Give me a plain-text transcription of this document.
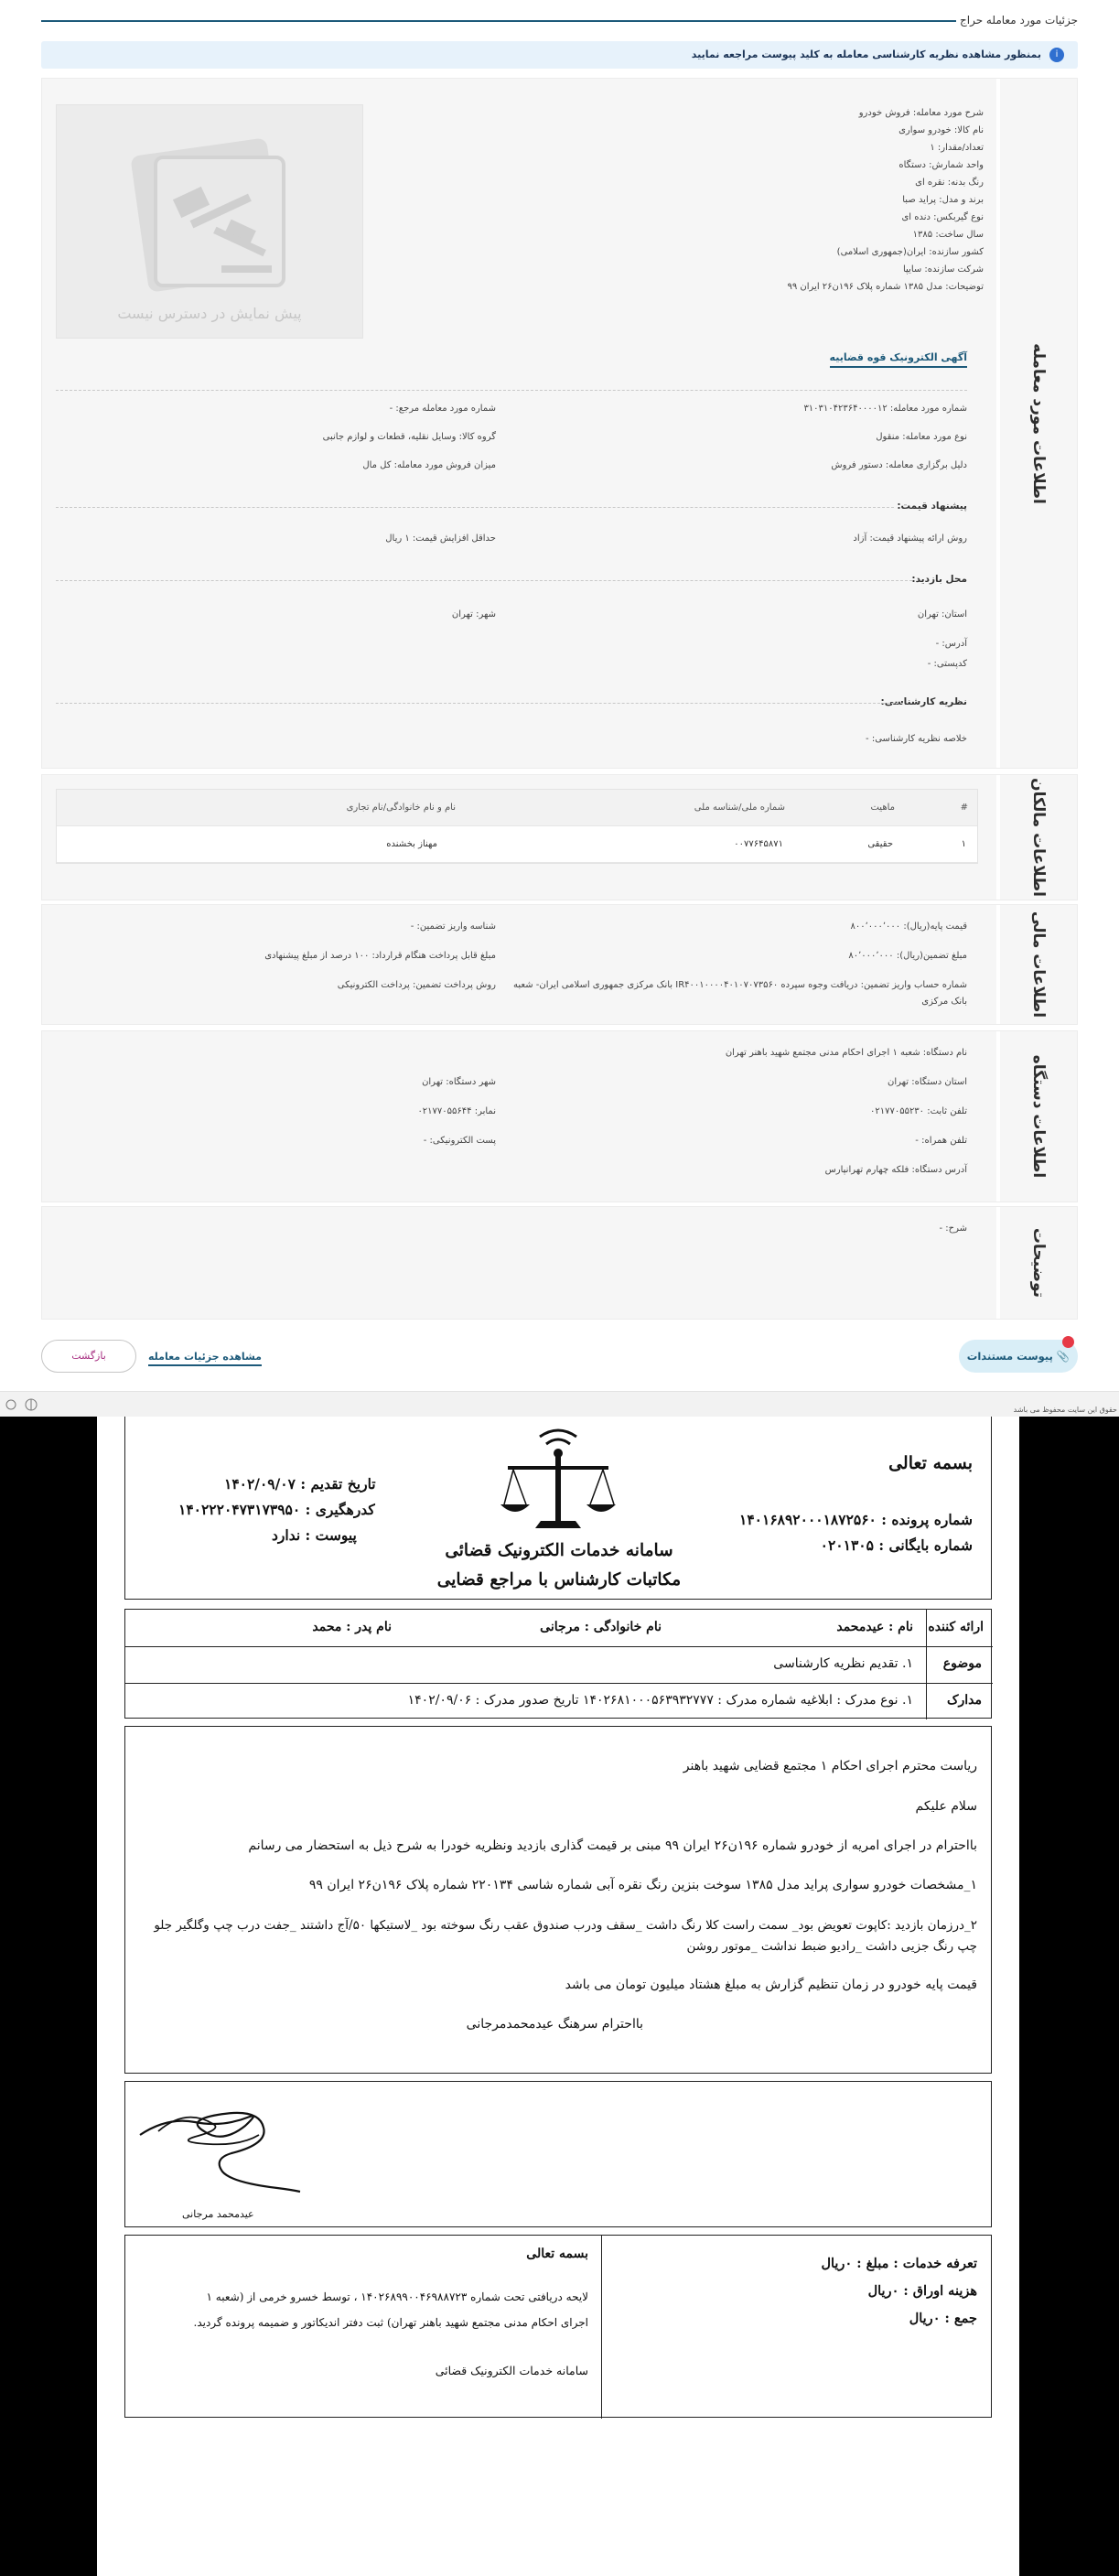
جزئیات مورد معامله حراج
i
بمنظور مشاهده نظریه کارشناسی معامله به کلید پیوست مراجعه نمایید
اطلاعات مورد معامله
شرح مورد معامله: فروش خودرو
نام کالا: خودرو سواری
تعداد/مقدار: ۱
واحد شمارش: دستگاه
رنگ بدنه: نقره ای
برند و مدل: پراید صبا
نوع گیربکس: دنده ای
سال ساخت: ۱۳۸۵
کشور سازنده: ایران(جمهوری اسلامی)
شرکت سازنده: سایپا
توضیحات: مدل ۱۳۸۵ شماره پلاک ۱۹۶ن۲۶ ایران ۹۹
پیش نمایش در دسترس نیست
آگهی الکترونیک قوه قضاییه
شماره مورد معامله: ۳۱۰۳۱۰۴۲۳۶۴۰۰۰۰۱۲
شماره مورد معامله مرجع: -
نوع مورد معامله: منقول
گروه کالا: وسایل نقلیه، قطعات و لوازم جانبی
دلیل برگزاری معامله: دستور فروش
میزان فروش مورد معامله: کل مال
پیشنهاد قیمت:
روش ارائه پیشنهاد قیمت: آزاد
حداقل افزایش قیمت: ۱ ریال
محل بازدید:
استان: تهران
شهر: تهران
آدرس: -
کدپستی: -
نظریه کارشناسی:
خلاصه نظریه کارشناسی: -
اطلاعات مالکان
#
ماهیت
شماره ملی/شناسه ملی
نام و نام خانوادگی/نام تجاری
۱
حقیقی
۰۰۷۷۶۴۵۸۷۱
مهناز بخشنده
اطلاعات مالی
قیمت پایه(ریال): ۸۰۰٬۰۰۰٬۰۰۰
شناسه واریز تضمین: -
مبلغ تضمین(ریال): ۸۰٬۰۰۰٬۰۰۰
مبلغ قابل پرداخت هنگام قرارداد: ۱۰۰ درصد از مبلغ پیشنهادی
شماره حساب واریز تضمین: دریافت وجوه سپرده IR۴۰۰۱۰۰۰۰۴۰۱۰۷۰۷۳۵۶۰ بانک مرکزی جمهوری اسلامی ایران- شعبه
بانک مرکزی
روش پرداخت تضمین: پرداخت الکترونیکی
اطلاعات دستگاه
نام دستگاه: شعبه ۱ اجرای احکام مدنی مجتمع شهید باهنر تهران
استان دستگاه: تهران
شهر دستگاه: تهران
تلفن ثابت: ۰۲۱۷۷۰۵۵۲۳۰
نمابر: ۰۲۱۷۷۰۵۵۶۴۴
تلفن همراه: -
پست الکترونیکی: -
آدرس دستگاه: فلکه چهارم تهرانپارس
توضیحات
شرح: -
📎 پیوست مستندات
مشاهده جزئیات معامله
بازگشت
حقوق این سایت محفوظ می باشد
بسمه تعالی
شماره پرونده : ۱۴۰۱۶۸۹۲۰۰۰۱۸۷۲۵۶۰
شماره بایگانی : ۰۲۰۱۳۰۵
سامانه خدمات الکترونیک قضائی
مکاتبات کارشناس با مراجع قضایی
تاریخ تقدیم : ۱۴۰۲/۰۹/۰۷
کدرهگیری : ۱۴۰۲۲۲۰۴۷۳۱۷۳۹۵۰
پیوست : ندارد
ارائه کننده
نام : عیدمحمد
نام خانوادگی : مرجانی
نام پدر : محمد
موضوع
۱. تقدیم نظریه کارشناسی
مدارک
۱. نوع مدرک : ابلاغیه شماره مدرک : ۱۴۰۲۶۸۱۰۰۰۵۶۳۹۳۲۷۷۷ تاریخ صدور مدرک : ۱۴۰۲/۰۹/۰۶
ریاست محترم اجرای احکام ۱ مجتمع قضایی شهید باهنر
سلام علیکم
بااحترام در اجرای امریه از خودرو شماره ۱۹۶ن۲۶ ایران ۹۹ مبنی بر قیمت گذاری بازدید ونظریه خودرا به شرح ذیل به استحضار می رسانم
۱_مشخصات خودرو سواری پراید مدل ۱۳۸۵ سوخت بنزین رنگ نقره آبی شماره شاسی ۲۲۰۱۳۴ شماره پلاک ۱۹۶ن۲۶ ایران ۹۹
۲_درزمان بازدید :کاپوت تعویض بود_ سمت راست کلا رنگ داشت _سقف ودرب صندوق عقب رنگ سوخته بود _لاستیکها ۵۰/آج داشتند _جفت درب چپ وگلگیر جلو
چپ رنگ جزیی داشت _رادیو ضبط نداشت _موتور روشن
قیمت پایه خودرو در زمان تنظیم گزارش به مبلغ هشتاد میلیون تومان می باشد
بااحترام سرهنگ عیدمحمدمرجانی
عیدمحمد مرجانی
تعرفه خدمات : مبلغ : ۰ریال
هزینه اوراق : ۰ریال
جمع : ۰ریال
بسمه تعالی
لایحه دریافتی تحت شماره ۱۴۰۲۶۸۹۹۰۰۴۶۹۸۸۷۲۳ ، توسط خسرو خرمی از (شعبه ۱
اجرای احکام مدنی مجتمع شهید باهنر تهران) ثبت دفتر اندیکاتور و ضمیمه پرونده گردید.
سامانه خدمات الکترونیک قضائی
